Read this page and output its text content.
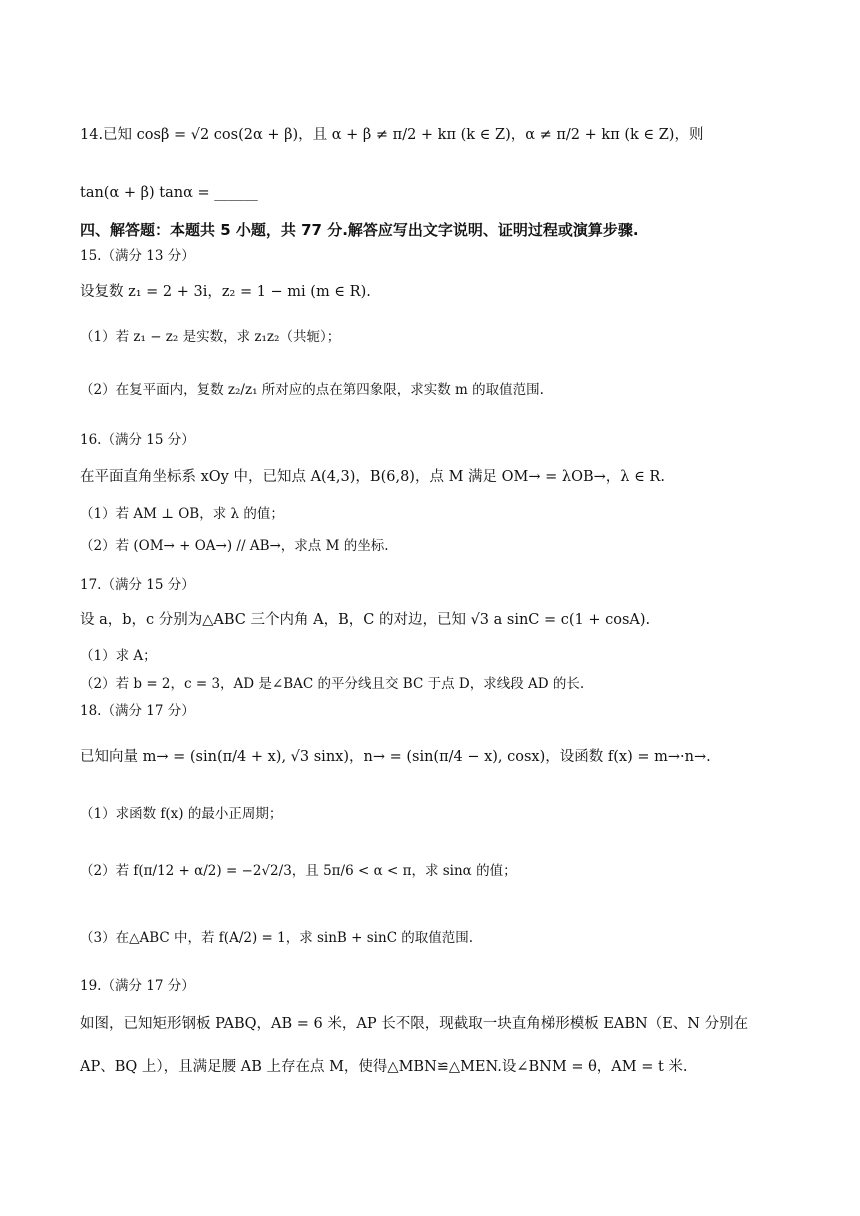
14.已知 cosβ = √2 cos(2α + β)，且 α + β ≠ π/2 + kπ (k ∈ Z)，α ≠ π/2 + kπ (k ∈ Z)，则
tan(α + β) tanα = ______
四、解答题：本题共 5 小题，共 77 分.解答应写出文字说明、证明过程或演算步骤.
15.（满分 13 分）
设复数 z₁ = 2 + 3i，z₂ = 1 − mi (m ∈ R).
（1）若 z₁ − z₂ 是实数，求 z₁z₂（共轭）；
（2）在复平面内，复数 z₂/z₁ 所对应的点在第四象限，求实数 m 的取值范围.
16.（满分 15 分）
在平面直角坐标系 xOy 中，已知点 A(4,3)，B(6,8)，点 M 满足 OM→ = λOB→，λ ∈ R.
（1）若 AM ⊥ OB，求 λ 的值；
（2）若 (OM→ + OA→) // AB→，求点 M 的坐标.
17.（满分 15 分）
设 a，b，c 分别为△ABC 三个内角 A，B，C 的对边，已知 √3 a sinC = c(1 + cosA).
（1）求 A；
（2）若 b = 2，c = 3，AD 是∠BAC 的平分线且交 BC 于点 D，求线段 AD 的长.
18.（满分 17 分）
已知向量 m→ = (sin(π/4 + x), √3 sinx)，n→ = (sin(π/4 − x), cosx)，设函数 f(x) = m→·n→.
（1）求函数 f(x) 的最小正周期；
（2）若 f(π/12 + α/2) = −2√2/3，且 5π/6 < α < π，求 sinα 的值；
（3）在△ABC 中，若 f(A/2) = 1，求 sinB + sinC 的取值范围.
19.（满分 17 分）
如图，已知矩形钢板 PABQ，AB = 6 米，AP 长不限，现截取一块直角梯形模板 EABN（E、N 分别在
AP、BQ 上），且满足腰 AB 上存在点 M，使得△MBN≌△MEN.设∠BNM = θ，AM = t 米.
